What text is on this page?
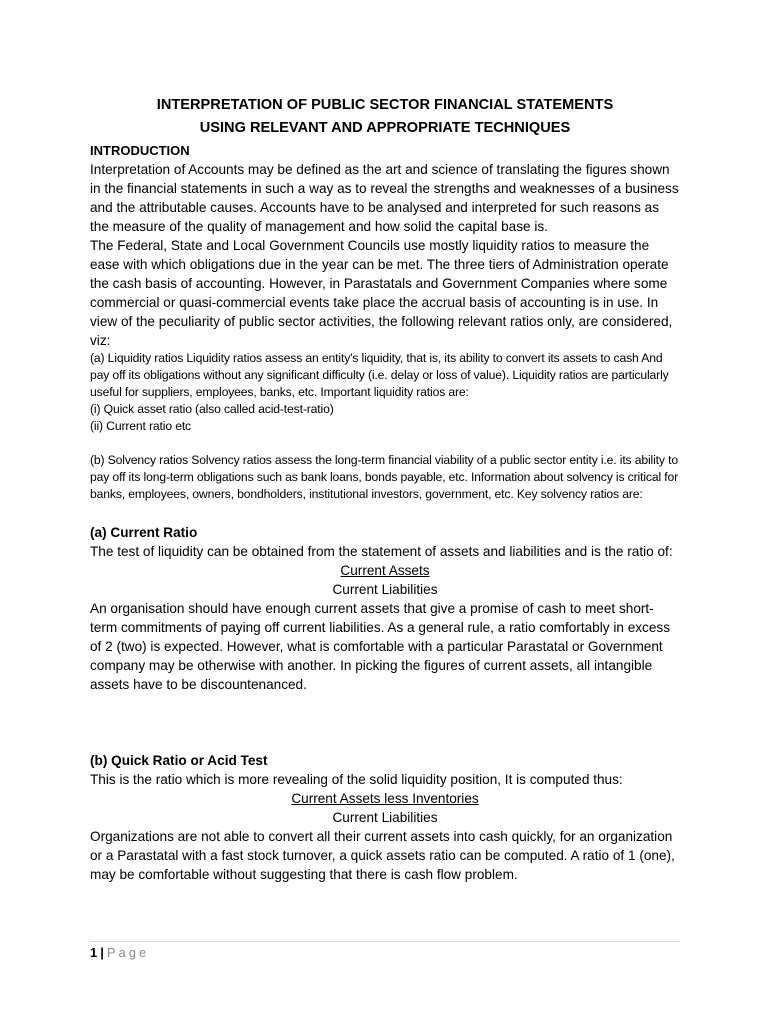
INTERPRETATION OF PUBLIC SECTOR FINANCIAL STATEMENTS

USING RELEVANT AND APPROPRIATE TECHNIQUES

INTRODUCTION

Interpretation of Accounts may be defined as the art and science of translating the figures shown in the financial statements in such a way as to reveal the strengths and weaknesses of a business and the attributable causes. Accounts have to be analysed and interpreted for such reasons as the measure of the quality of management and how solid the capital base is.

The Federal, State and Local Government Councils use mostly liquidity ratios to measure the ease with which obligations due in the year can be met. The three tiers of Administration operate the cash basis of accounting. However, in Parastatals and Government Companies where some commercial or quasi-commercial events take place the accrual basis of accounting is in use. In view of the peculiarity of public sector activities, the following relevant ratios only, are considered, viz:

(a) Liquidity ratios Liquidity ratios assess an entity's liquidity, that is, its ability to convert its assets to cash And pay off its obligations without any significant difficulty (i.e. delay or loss of value). Liquidity ratios are particularly useful for suppliers, employees, banks, etc. Important liquidity ratios are:

(i) Quick asset ratio (also called acid-test-ratio)

(ii) Current ratio etc

(b) Solvency ratios Solvency ratios assess the long-term financial viability of a public sector entity i.e. its ability to pay off its long-term obligations such as bank loans, bonds payable, etc. Information about solvency is critical for banks, employees, owners, bondholders, institutional investors, government, etc. Key solvency ratios are:

(a) Current Ratio

The test of liquidity can be obtained from the statement of assets and liabilities and is the ratio of:

Current Assets

Current Liabilities

An organisation should have enough current assets that give a promise of cash to meet short-term commitments of paying off current liabilities. As a general rule, a ratio comfortably in excess of 2 (two) is expected. However, what is comfortable with a particular Parastatal or Government company may be otherwise with another. In picking the figures of current assets, all intangible assets have to be discountenanced.

(b) Quick Ratio or Acid Test

This is the ratio which is more revealing of the solid liquidity position, It is computed thus:

Current Assets less Inventories

Current Liabilities

Organizations are not able to convert all their current assets into cash quickly, for an organization or a Parastatal with a fast stock turnover, a quick assets ratio can be computed. A ratio of 1 (one), may be comfortable without suggesting that there is cash flow problem.

1 | Page
